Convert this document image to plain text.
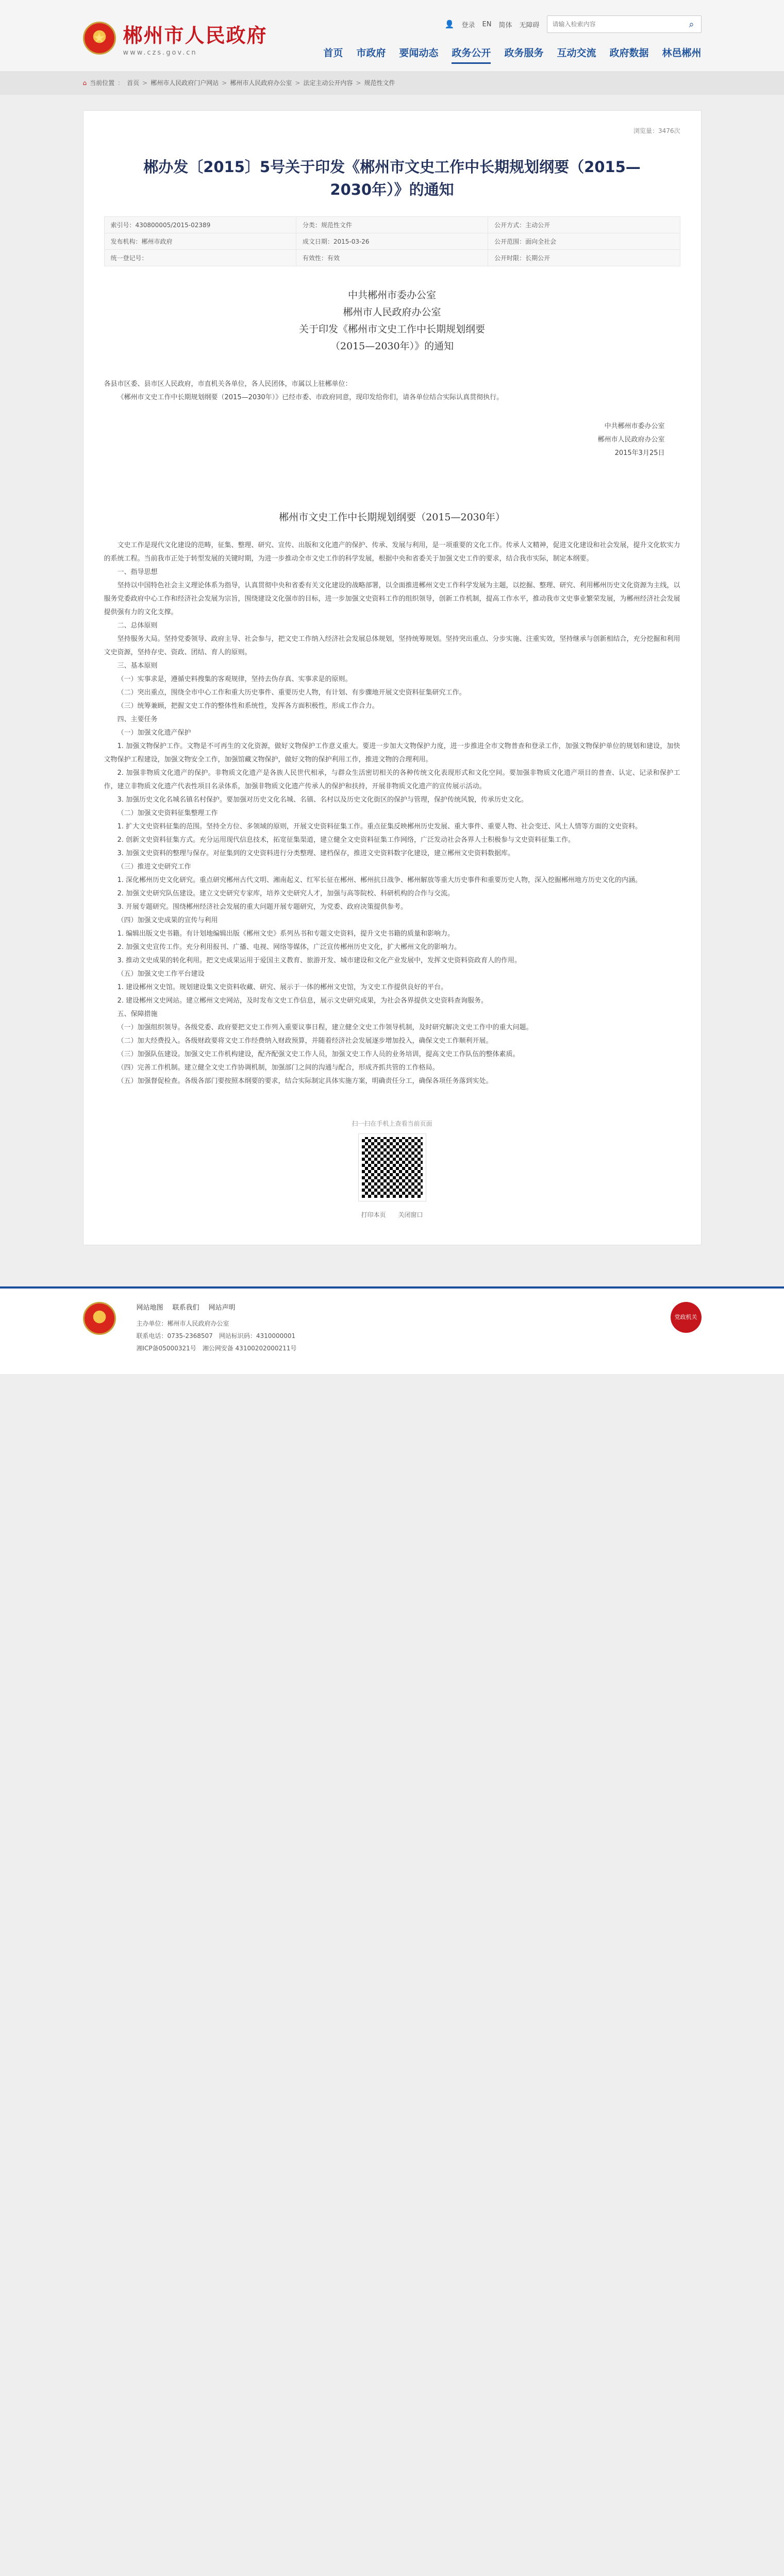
★ 郴州市人民政府
www.czs.gov.cn
👤 登录 EN 简体 无障碍
请输入检索内容	⌕
首页 市政府 要闻动态 政务公开 政务服务 互动交流 政府数据 林邑郴州
⌂ 当前位置 ： 首页 > 郴州市人民政府门户网站 > 郴州市人民政府办公室 > 法定主动公开内容 > 规范性文件
浏览量：3476次
郴办发〔2015〕5号关于印发《郴州市文史工作中长期规划纲要（2015—2030年）》的通知
索引号：430800005/2015-02389	分类：规范性文件	公开方式：主动公开
发布机构：郴州市政府	成文日期：2015-03-26	公开范围：面向全社会
统一登记号：	有效性：有效	公开时限：长期公开
中共郴州市委办公室
郴州市人民政府办公室
关于印发《郴州市文史工作中长期规划纲要
（2015—2030年）》的通知

各县市区委、县市区人民政府，市直机关各单位，各人民团体，市属以上驻郴单位：

《郴州市文史工作中长期规划纲要（2015—2030年）》已经市委、市政府同意，现印发给你们，请各单位结合实际认真贯彻执行。

中共郴州市委办公室
郴州市人民政府办公室
2015年3月25日
郴州市文史工作中长期规划纲要（2015—2030年）

文史工作是现代文化建设的范畴，征集、整理、研究、宣传、出版和文化遗产的保护、传承、发展与利用，是一项重要的文化工作。传承人文精神，促进文化建设和社会发展，提升文化软实力的系统工程。当前我市正处于转型发展的关键时期，为进一步推动全市文史工作的科学发展，根据中央和省委关于加强文史工作的要求，结合我市实际，制定本纲要。

一、指导思想

坚持以中国特色社会主义理论体系为指导，认真贯彻中央和省委有关文化建设的战略部署，以全面推进郴州文史工作科学发展为主题，以挖掘、整理、研究、利用郴州历史文化资源为主线，以服务党委政府中心工作和经济社会发展为宗旨，围绕建设文化强市的目标，进一步加强文史资料工作的组织领导，创新工作机制，提高工作水平，推动我市文史事业繁荣发展，为郴州经济社会发展提供强有力的文化支撑。

二、总体原则

坚持服务大局。坚持党委领导、政府主导、社会参与，把文史工作纳入经济社会发展总体规划，坚持统筹规划。坚持突出重点、分步实施、注重实效，坚持继承与创新相结合，充分挖掘和利用文史资源，坚持存史、资政、团结、育人的原则。

三、基本原则

（一）实事求是，遵循史料搜集的客观规律，坚持去伪存真、实事求是的原则。

（二）突出重点，围绕全市中心工作和重大历史事件、重要历史人物，有计划、有步骤地开展文史资料征集研究工作。

（三）统筹兼顾，把握文史工作的整体性和系统性，发挥各方面积极性，形成工作合力。

四、主要任务

（一）加强文化遗产保护

1. 加强文物保护工作。文物是不可再生的文化资源，做好文物保护工作意义重大。要进一步加大文物保护力度，进一步推进全市文物普查和登录工作，加强文物保护单位的规划和建设，加快文物保护工程建设，加强文物安全工作，加强馆藏文物保护，做好文物的保护利用工作，推进文物的合理利用。

2. 加强非物质文化遗产的保护。非物质文化遗产是各族人民世代相承，与群众生活密切相关的各种传统文化表现形式和文化空间。要加强非物质文化遗产项目的普查、认定、记录和保护工作，建立非物质文化遗产代表性项目名录体系，加强非物质文化遗产传承人的保护和扶持，开展非物质文化遗产的宣传展示活动。

3. 加强历史文化名城名镇名村保护。要加强对历史文化名城、名镇、名村以及历史文化街区的保护与管理，保护传统风貌，传承历史文化。

（二）加强文史资料征集整理工作

1. 扩大文史资料征集的范围。坚持全方位、多领域的原则，开展文史资料征集工作。重点征集反映郴州历史发展、重大事件、重要人物、社会变迁、风土人情等方面的文史资料。

2. 创新文史资料征集方式。充分运用现代信息技术，拓宽征集渠道，建立健全文史资料征集工作网络，广泛发动社会各界人士积极参与文史资料征集工作。

3. 加强文史资料的整理与保存。对征集到的文史资料进行分类整理、建档保存，推进文史资料数字化建设，建立郴州文史资料数据库。

（三）推进文史研究工作

1. 深化郴州历史文化研究。重点研究郴州古代文明、湘南起义、红军长征在郴州、郴州抗日战争、郴州解放等重大历史事件和重要历史人物，深入挖掘郴州地方历史文化的内涵。

2. 加强文史研究队伍建设。建立文史研究专家库，培养文史研究人才，加强与高等院校、科研机构的合作与交流。

3. 开展专题研究。围绕郴州经济社会发展的重大问题开展专题研究，为党委、政府决策提供参考。

（四）加强文史成果的宣传与利用

1. 编辑出版文史书籍。有计划地编辑出版《郴州文史》系列丛书和专题文史资料，提升文史书籍的质量和影响力。

2. 加强文史宣传工作。充分利用报刊、广播、电视、网络等媒体，广泛宣传郴州历史文化，扩大郴州文化的影响力。

3. 推动文史成果的转化利用。把文史成果运用于爱国主义教育、旅游开发、城市建设和文化产业发展中，发挥文史资料资政育人的作用。

（五）加强文史工作平台建设

1. 建设郴州文史馆。规划建设集文史资料收藏、研究、展示于一体的郴州文史馆，为文史工作提供良好的平台。

2. 建设郴州文史网站。建立郴州文史网站，及时发布文史工作信息，展示文史研究成果，为社会各界提供文史资料查询服务。

五、保障措施

（一）加强组织领导。各级党委、政府要把文史工作列入重要议事日程，建立健全文史工作领导机制，及时研究解决文史工作中的重大问题。

（二）加大经费投入。各级财政要将文史工作经费纳入财政预算，并随着经济社会发展逐步增加投入，确保文史工作顺利开展。

（三）加强队伍建设。加强文史工作机构建设，配齐配强文史工作人员，加强文史工作人员的业务培训，提高文史工作队伍的整体素质。

（四）完善工作机制。建立健全文史工作协调机制，加强部门之间的沟通与配合，形成齐抓共管的工作格局。

（五）加强督促检查。各级各部门要按照本纲要的要求，结合实际制定具体实施方案，明确责任分工，确保各项任务落到实处。

扫一扫在手机上查看当前页面
打印本页 关闭窗口
网站地图 联系我们 网站声明
主办单位：郴州市人民政府办公室
联系电话：0735-2368507　网站标识码：4310000001
湘ICP备05000321号　湘公网安备 43100202000211号
党政机关
